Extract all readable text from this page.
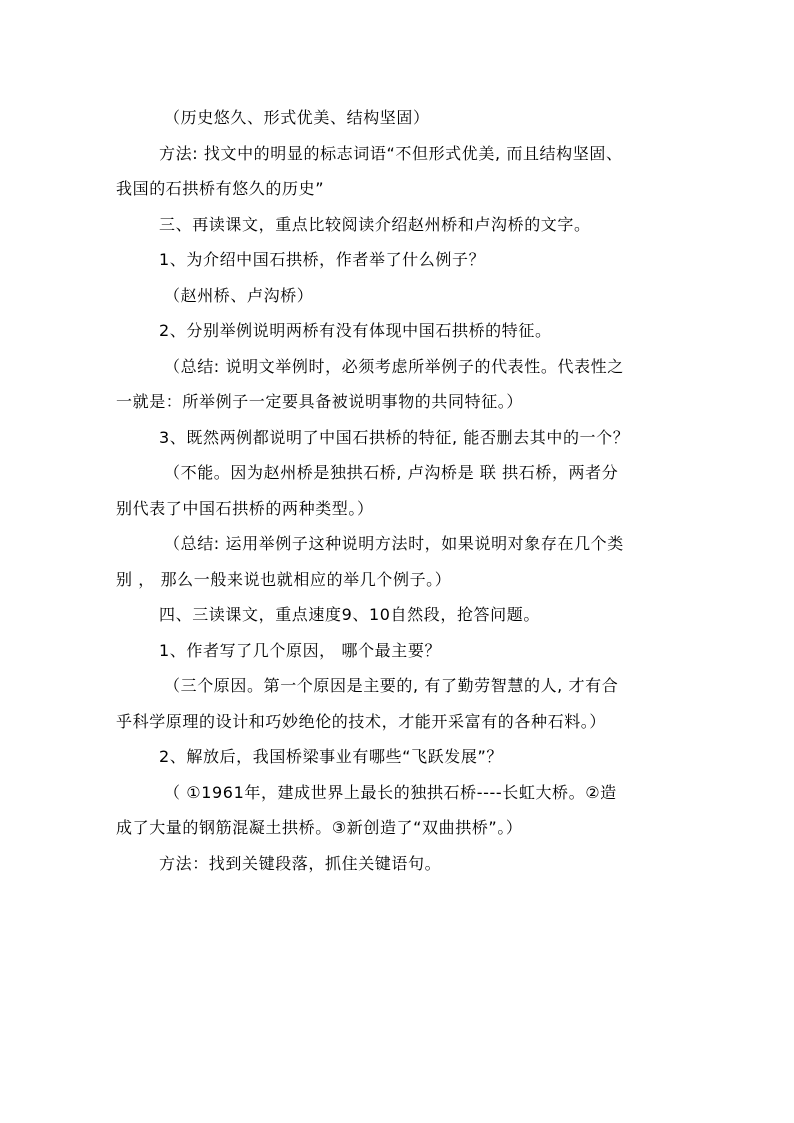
（历史悠久、形式优美、结构坚固）
方法: 找文中的明显的标志词语“不但形式优美, 而且结构坚固、
我国的石拱桥有悠久的历史”
三、再读课文，重点比较阅读介绍赵州桥和卢沟桥的文字。
1、为介绍中国石拱桥，作者举了什么例子？
（赵州桥、卢沟桥）
2、分别举例说明两桥有没有体现中国石拱桥的特征。
（总结: 说明文举例时，必须考虑所举例子的代表性。代表性之
一就是：所举例子一定要具备被说明事物的共同特征。）
3、既然两例都说明了中国石拱桥的特征, 能否删去其中的一个？
（不能。因为赵州桥是独拱石桥, 卢沟桥是 联 拱石桥，两者分
别代表了中国石拱桥的两种类型。）
（总结: 运用举例子这种说明方法时，如果说明对象存在几个类
别 ， 那么一般来说也就相应的举几个例子。）
四、三读课文，重点速度9、10自然段，抢答问题。
1、作者写了几个原因， 哪个最主要？
（三个原因。第一个原因是主要的, 有了勤劳智慧的人, 才有合
乎科学原理的设计和巧妙绝伦的技术，才能开采富有的各种石料。）
2、解放后，我国桥梁事业有哪些“飞跃发展”？
（ ①1961年，建成世界上最长的独拱石桥----长虹大桥。②造
成了大量的钢筋混凝土拱桥。③新创造了“双曲拱桥”。）
方法：找到关键段落，抓住关键语句。
